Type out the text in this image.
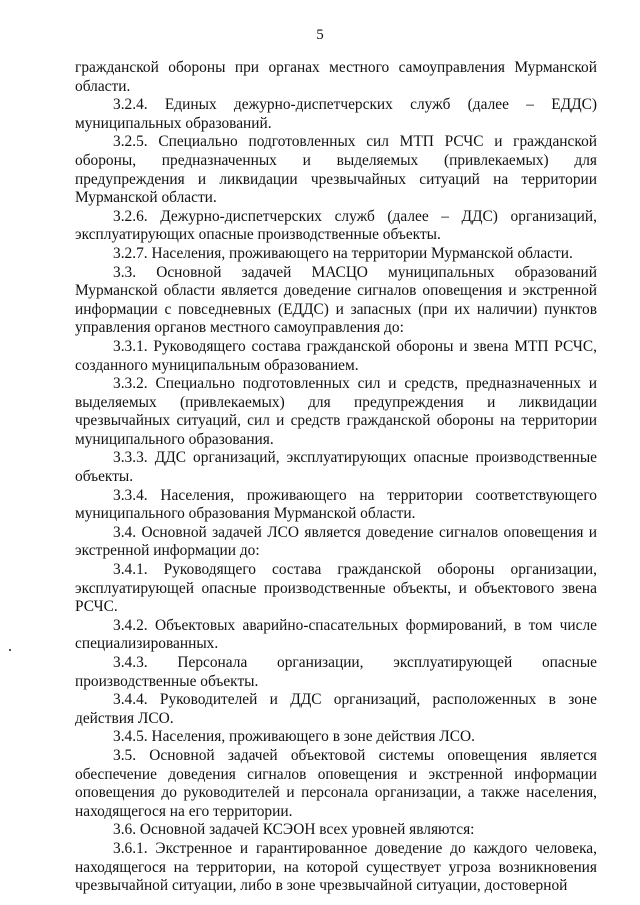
5

гражданской обороны при органах местного самоуправления Мурманской области.

3.2.4. Единых дежурно-диспетчерских служб (далее – ЕДДС) муниципальных образований.

3.2.5. Специально подготовленных сил МТП РСЧС и гражданской обороны, предназначенных и выделяемых (привлекаемых) для предупреждения и ликвидации чрезвычайных ситуаций на территории Мурманской области.

3.2.6. Дежурно-диспетчерских служб (далее – ДДС) организаций, эксплуатирующих опасные производственные объекты.

3.2.7. Населения, проживающего на территории Мурманской области.

3.3. Основной задачей МАСЦО муниципальных образований Мурманской области является доведение сигналов оповещения и экстренной информации с повседневных (ЕДДС) и запасных (при их наличии) пунктов управления органов местного самоуправления до:

3.3.1. Руководящего состава гражданской обороны и звена МТП РСЧС, созданного муниципальным образованием.

3.3.2. Специально подготовленных сил и средств, предназначенных и выделяемых (привлекаемых) для предупреждения и ликвидации чрезвычайных ситуаций, сил и средств гражданской обороны на территории муниципального образования.

3.3.3. ДДС организаций, эксплуатирующих опасные производственные объекты.

3.3.4. Населения, проживающего на территории соответствующего муниципального образования Мурманской области.

3.4. Основной задачей ЛСО является доведение сигналов оповещения и экстренной информации до:

3.4.1. Руководящего состава гражданской обороны организации, эксплуатирующей опасные производственные объекты, и объектового звена РСЧС.

3.4.2. Объектовых аварийно-спасательных формирований, в том числе специализированных.

3.4.3. Персонала организации, эксплуатирующей опасные производственные объекты.

3.4.4. Руководителей и ДДС организаций, расположенных в зоне действия ЛСО.

3.4.5. Населения, проживающего в зоне действия ЛСО.

3.5. Основной задачей объектовой системы оповещения является обеспечение доведения сигналов оповещения и экстренной информации оповещения до руководителей и персонала организации, а также населения, находящегося на его территории.

3.6. Основной задачей КСЭОН всех уровней являются:

3.6.1. Экстренное и гарантированное доведение до каждого человека, находящегося на территории, на которой существует угроза возникновения чрезвычайной ситуации, либо в зоне чрезвычайной ситуации, достоверной
